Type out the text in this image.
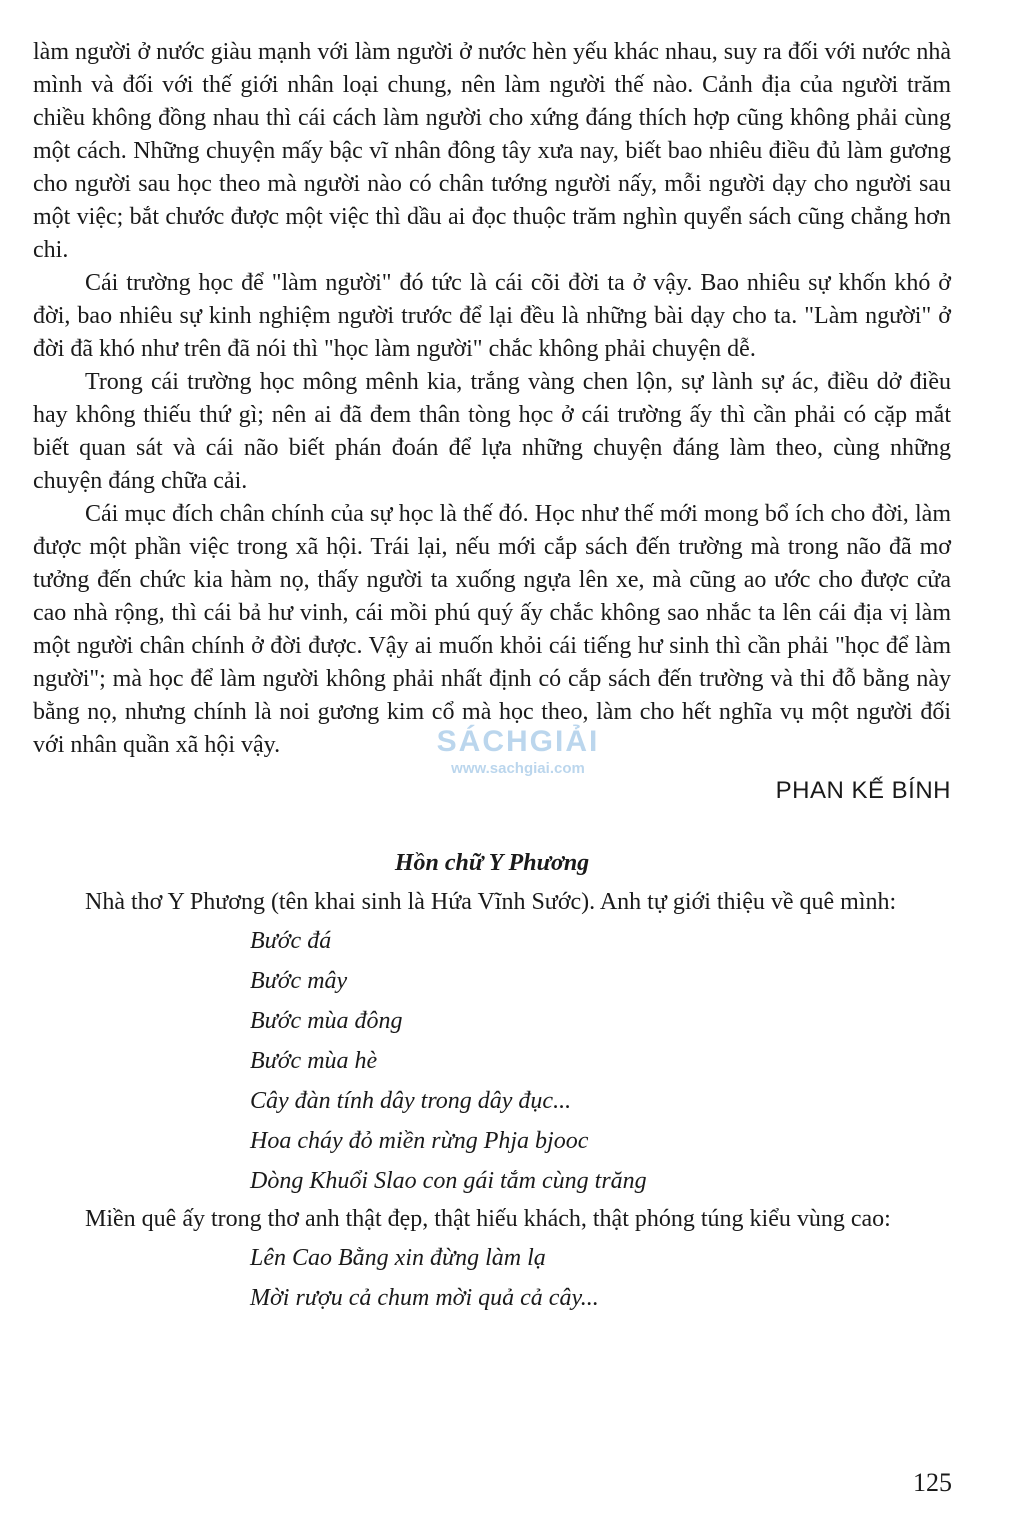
làm người ở nước giàu mạnh với làm người ở nước hèn yếu khác nhau, suy ra đối với nước nhà mình và đối với thế giới nhân loại chung, nên làm người thế nào. Cảnh địa của người trăm chiều không đồng nhau thì cái cách làm người cho xứng đáng thích hợp cũng không phải cùng một cách. Những chuyện mấy bậc vĩ nhân đông tây xưa nay, biết bao nhiêu điều đủ làm gương cho người sau học theo mà người nào có chân tướng người nấy, mỗi người dạy cho người sau một việc; bắt chước được một việc thì dầu ai đọc thuộc trăm nghìn quyển sách cũng chẳng hơn chi.

Cái trường học để "làm người" đó tức là cái cõi đời ta ở vậy. Bao nhiêu sự khốn khó ở đời, bao nhiêu sự kinh nghiệm người trước để lại đều là những bài dạy cho ta. "Làm người" ở đời đã khó như trên đã nói thì "học làm người" chắc không phải chuyện dễ.

Trong cái trường học mông mênh kia, trắng vàng chen lộn, sự lành sự ác, điều dở điều hay không thiếu thứ gì; nên ai đã đem thân tòng học ở cái trường ấy thì cần phải có cặp mắt biết quan sát và cái não biết phán đoán để lựa những chuyện đáng làm theo, cùng những chuyện đáng chữa cải.

Cái mục đích chân chính của sự học là thế đó. Học như thế mới mong bổ ích cho đời, làm được một phần việc trong xã hội. Trái lại, nếu mới cắp sách đến trường mà trong não đã mơ tưởng đến chức kia hàm nọ, thấy người ta xuống ngựa lên xe, mà cũng ao ước cho được cửa cao nhà rộng, thì cái bả hư vinh, cái mồi phú quý ấy chắc không sao nhắc ta lên cái địa vị làm một người chân chính ở đời được. Vậy ai muốn khỏi cái tiếng hư sinh thì cần phải "học để làm người"; mà học để làm người không phải nhất định có cắp sách đến trường và thi đỗ bằng này bằng nọ, nhưng chính là noi gương kim cổ mà học theo, làm cho hết nghĩa vụ một người đối với nhân quần xã hội vậy.

PHAN KẾ BÍNH

Hồn chữ Y Phương

Nhà thơ Y Phương (tên khai sinh là Hứa Vĩnh Sước). Anh tự giới thiệu về quê mình:

Bước đá
Bước mây
Bước mùa đông
Bước mùa hè
Cây đàn tính dây trong dây đục...
Hoa cháy đỏ miền rừng Phja bjooc
Dòng Khuổi Slao con gái tắm cùng trăng

Miền quê ấy trong thơ anh thật đẹp, thật hiếu khách, thật phóng túng kiểu vùng cao:

Lên Cao Bằng xin đừng làm lạ
Mời rượu cả chum mời quả cả cây...
SÁCHGIẢI
www.sachgiai.com
125
